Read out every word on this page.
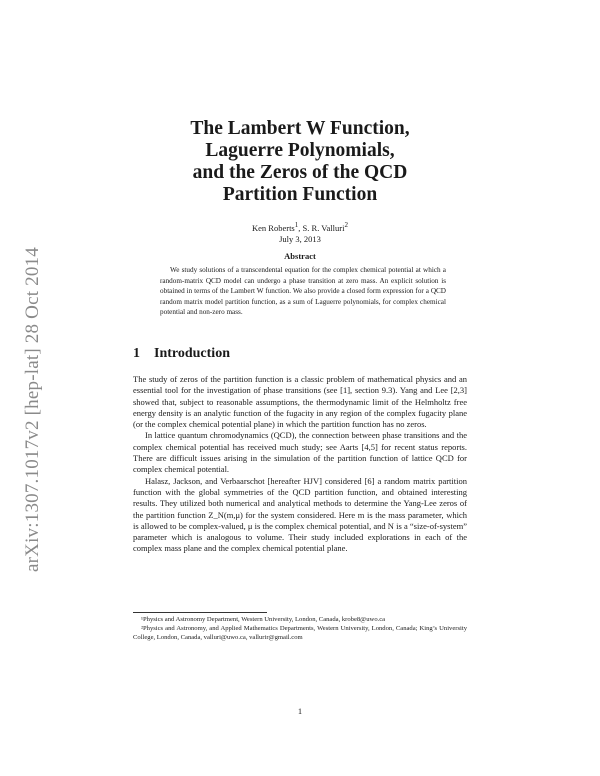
arXiv:1307.1017v2 [hep-lat] 28 Oct 2014
The Lambert W Function,
Laguerre Polynomials,
and the Zeros of the QCD
Partition Function
Ken Roberts$^1$, S. R. Valluri$^2$
July 3, 2013
Abstract
We study solutions of a transcendental equation for the complex chemical potential at which a random-matrix QCD model can undergo a phase transition at zero mass. An explicit solution is obtained in terms of the Lambert W function. We also provide a closed form expression for a QCD random matrix model partition function, as a sum of Laguerre polynomials, for complex chemical potential and non-zero mass.
1 Introduction

The study of zeros of the partition function is a classic problem of mathematical physics and an essential tool for the investigation of phase transitions (see [1], section 9.3). Yang and Lee [2,3] showed that, subject to reasonable assumptions, the thermodynamic limit of the Helmholtz free energy density is an analytic function of the fugacity in any region of the complex fugacity plane (or the complex chemical potential plane) in which the partition function has no zeros.

In lattice quantum chromodynamics (QCD), the connection between phase transitions and the complex chemical potential has received much study; see Aarts [4,5] for recent status reports. There are difficult issues arising in the simulation of the partition function of lattice QCD for complex chemical potential.

Halasz, Jackson, and Verbaarschot [hereafter HJV] considered [6] a random matrix partition function with the global symmetries of the QCD partition function, and obtained interesting results. They utilized both numerical and analytical methods to determine the Yang-Lee zeros of the partition function Z_N(m,μ) for the system considered. Here m is the mass parameter, which is allowed to be complex-valued, μ is the complex chemical potential, and N is a “size-of-system” parameter which is analogous to volume. Their study included explorations in each of the complex mass plane and the complex chemical potential plane.

¹Physics and Astronomy Department, Western University, London, Canada, krobe8@uwo.ca

²Physics and Astronomy, and Applied Mathematics Departments, Western University, London, Canada; King’s University College, London, Canada, valluri@uwo.ca, vallurir@gmail.com

1
